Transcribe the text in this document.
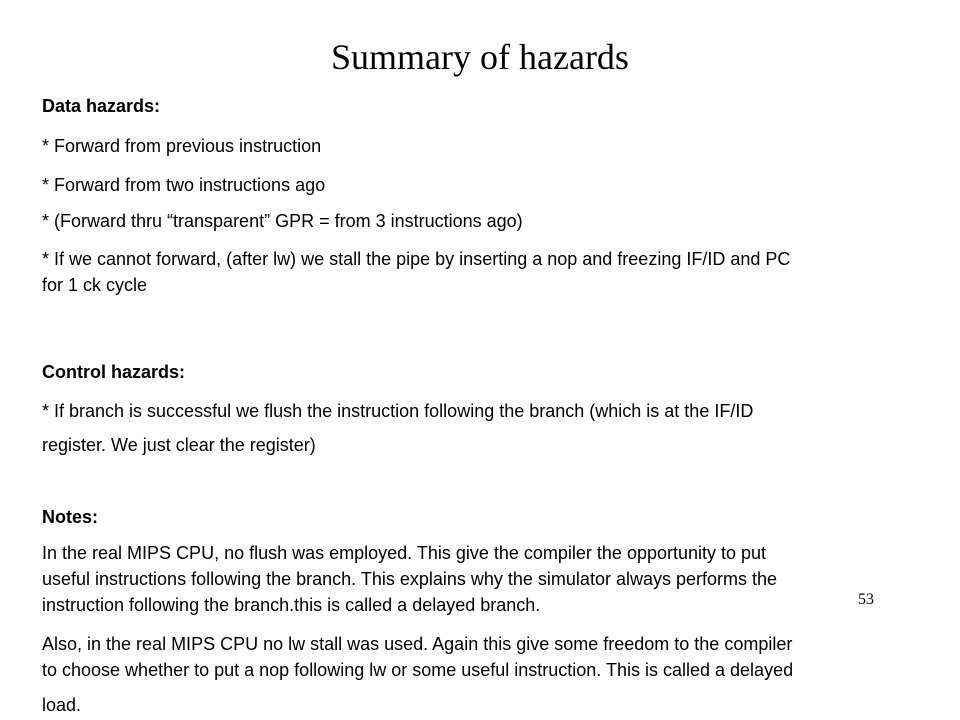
Summary of hazards

Data hazards:

* Forward from previous instruction

* Forward from two instructions ago

* (Forward thru “transparent” GPR = from 3 instructions ago)

* If we cannot forward, (after lw) we stall the pipe by inserting a nop and freezing IF/ID and PC

for 1 ck cycle

Control hazards:

* If branch is successful we flush the instruction following the branch (which is at the IF/ID

register. We just clear the register)

Notes:

In the real MIPS CPU, no flush was employed. This give the compiler the opportunity to put

useful instructions following the branch. This explains why the simulator always performs the

instruction following the branch.this is called a delayed branch.

Also, in the real MIPS CPU no lw stall was used. Again this give some freedom to the compiler

to choose whether to put a nop following lw or some useful instruction. This is called a delayed

load.

53
